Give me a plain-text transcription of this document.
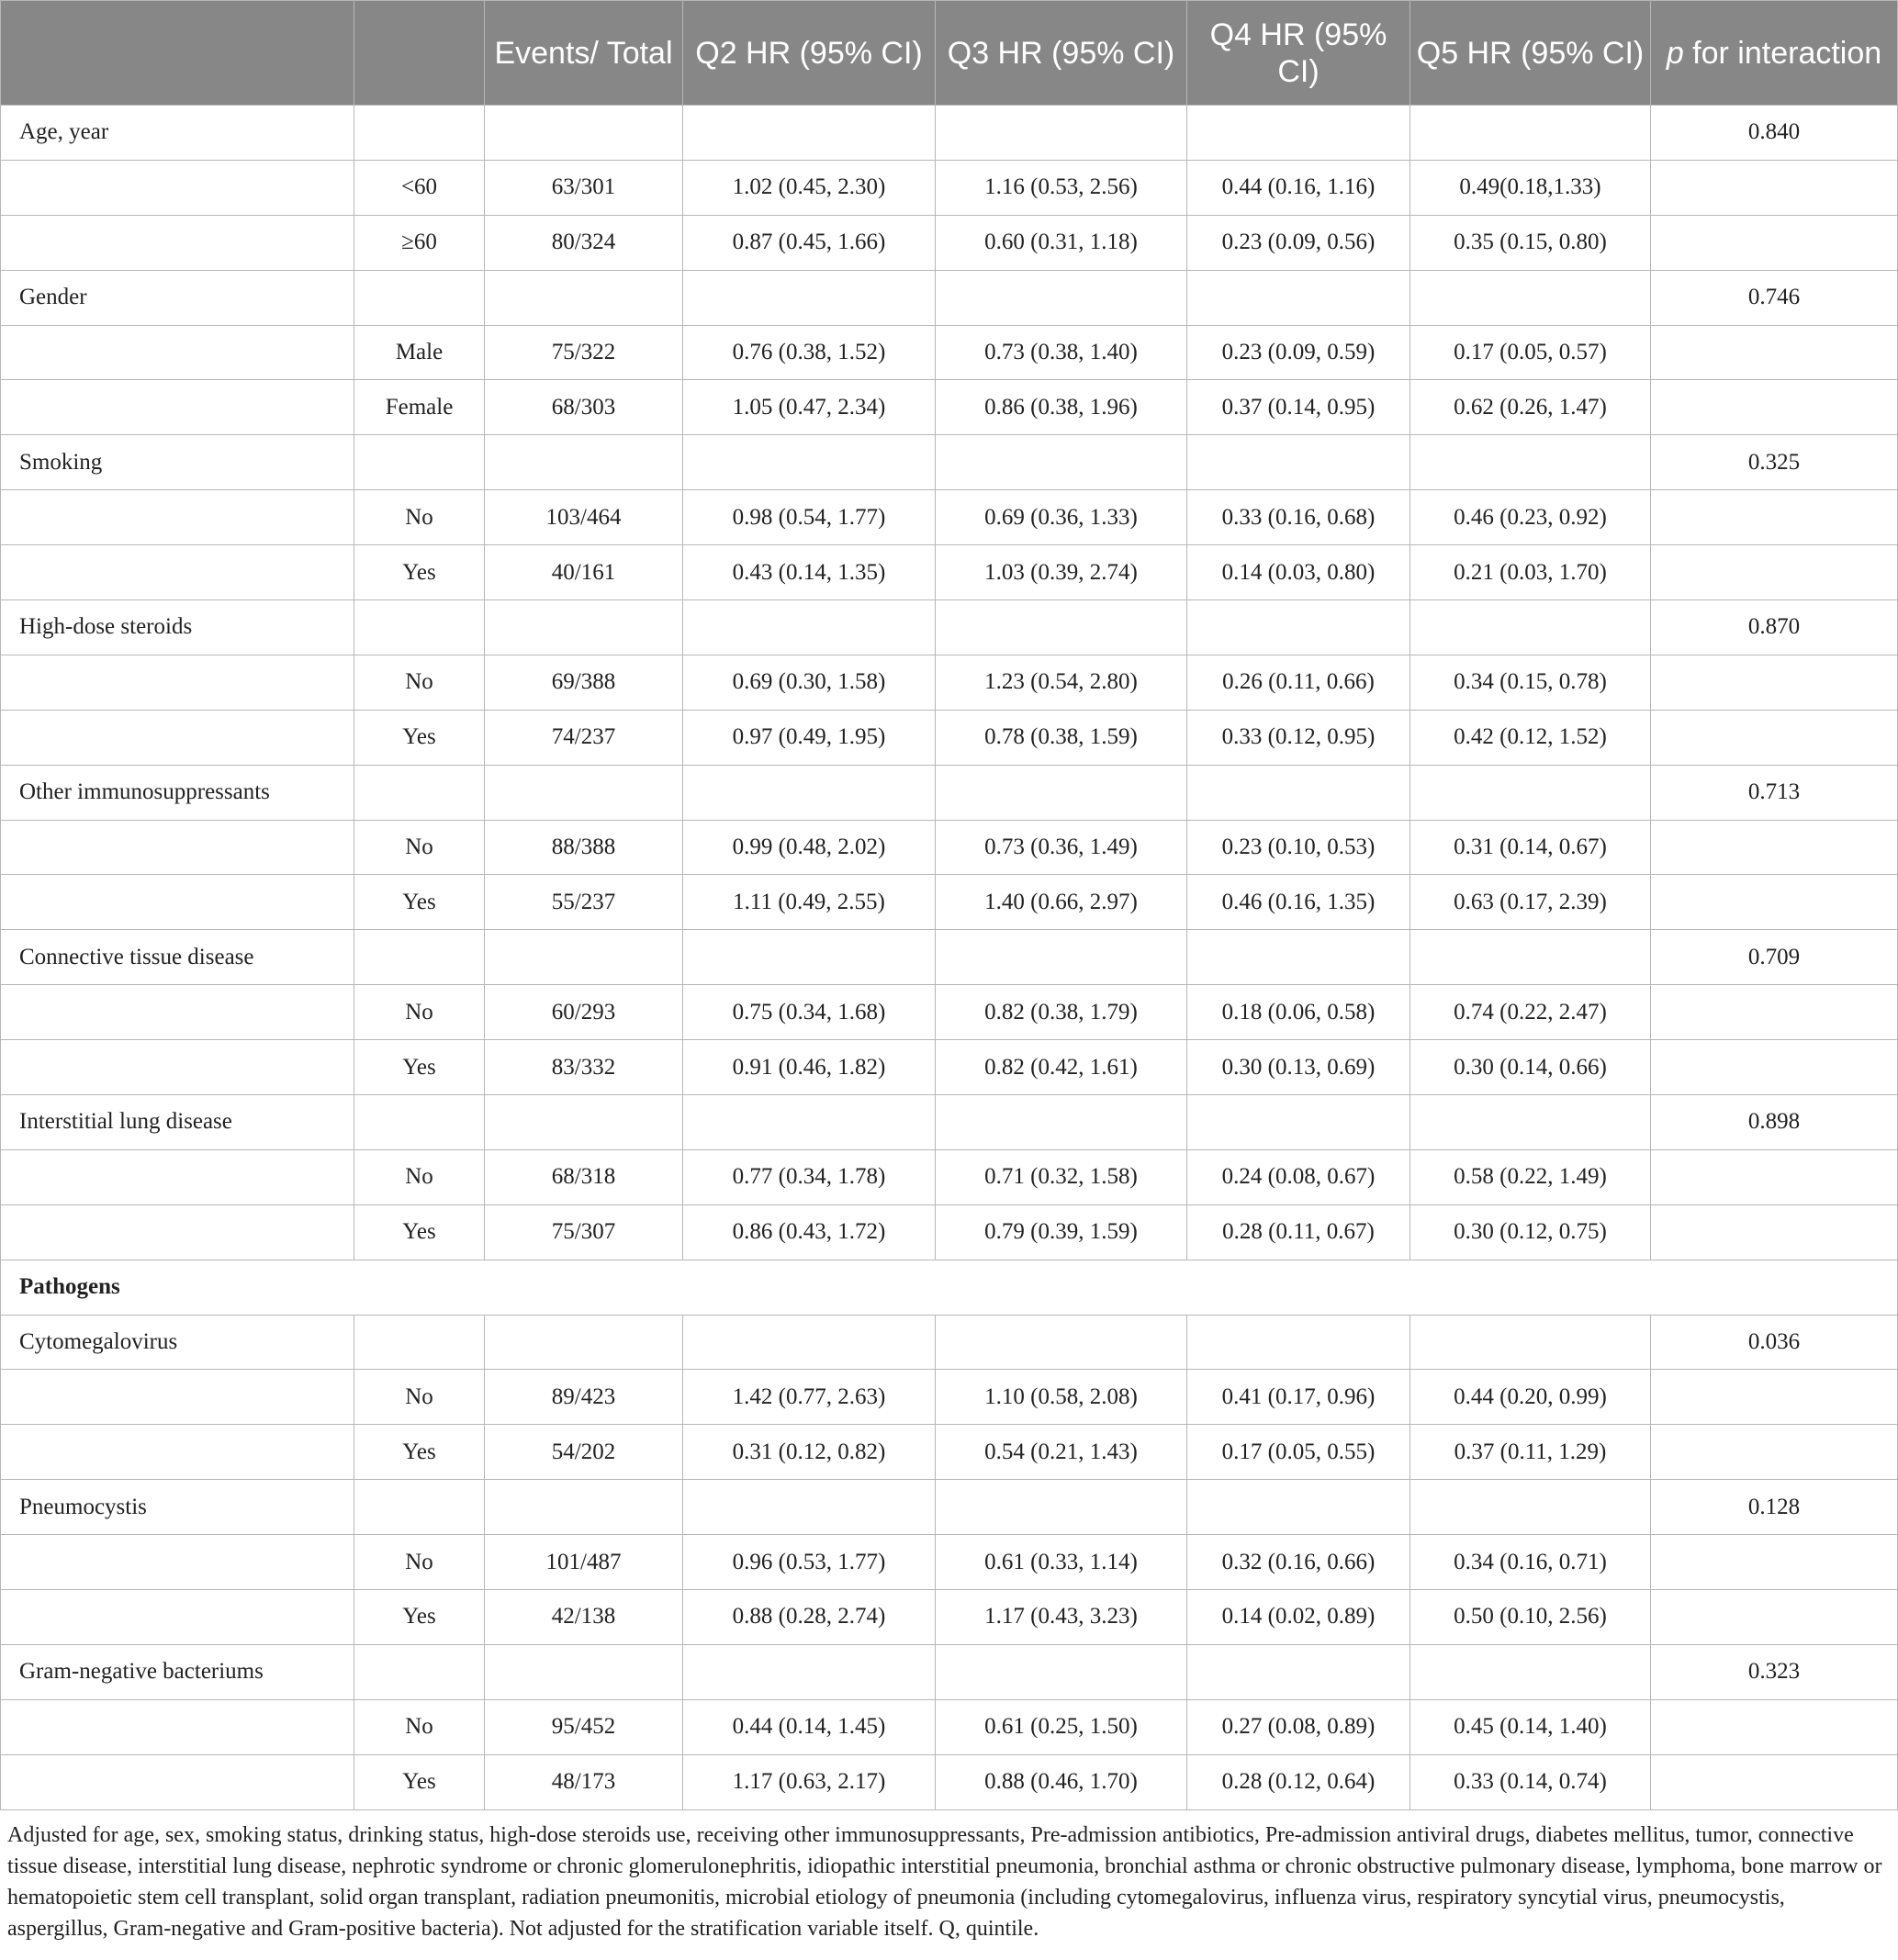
		Events/ Total	Q2 HR (95% CI)	Q3 HR (95% CI)	Q4 HR (95% CI)	Q5 HR (95% CI)	p for interaction
Age, year							0.840
	<60	63/301	1.02 (0.45, 2.30)	1.16 (0.53, 2.56)	0.44 (0.16, 1.16)	0.49(0.18,1.33)	
	≥60	80/324	0.87 (0.45, 1.66)	0.60 (0.31, 1.18)	0.23 (0.09, 0.56)	0.35 (0.15, 0.80)	
Gender							0.746
	Male	75/322	0.76 (0.38, 1.52)	0.73 (0.38, 1.40)	0.23 (0.09, 0.59)	0.17 (0.05, 0.57)	
	Female	68/303	1.05 (0.47, 2.34)	0.86 (0.38, 1.96)	0.37 (0.14, 0.95)	0.62 (0.26, 1.47)	
Smoking							0.325
	No	103/464	0.98 (0.54, 1.77)	0.69 (0.36, 1.33)	0.33 (0.16, 0.68)	0.46 (0.23, 0.92)	
	Yes	40/161	0.43 (0.14, 1.35)	1.03 (0.39, 2.74)	0.14 (0.03, 0.80)	0.21 (0.03, 1.70)	
High-dose steroids							0.870
	No	69/388	0.69 (0.30, 1.58)	1.23 (0.54, 2.80)	0.26 (0.11, 0.66)	0.34 (0.15, 0.78)	
	Yes	74/237	0.97 (0.49, 1.95)	0.78 (0.38, 1.59)	0.33 (0.12, 0.95)	0.42 (0.12, 1.52)	
Other immunosuppressants							0.713
	No	88/388	0.99 (0.48, 2.02)	0.73 (0.36, 1.49)	0.23 (0.10, 0.53)	0.31 (0.14, 0.67)	
	Yes	55/237	1.11 (0.49, 2.55)	1.40 (0.66, 2.97)	0.46 (0.16, 1.35)	0.63 (0.17, 2.39)	
Connective tissue disease							0.709
	No	60/293	0.75 (0.34, 1.68)	0.82 (0.38, 1.79)	0.18 (0.06, 0.58)	0.74 (0.22, 2.47)	
	Yes	83/332	0.91 (0.46, 1.82)	0.82 (0.42, 1.61)	0.30 (0.13, 0.69)	0.30 (0.14, 0.66)	
Interstitial lung disease							0.898
	No	68/318	0.77 (0.34, 1.78)	0.71 (0.32, 1.58)	0.24 (0.08, 0.67)	0.58 (0.22, 1.49)	
	Yes	75/307	0.86 (0.43, 1.72)	0.79 (0.39, 1.59)	0.28 (0.11, 0.67)	0.30 (0.12, 0.75)	
Pathogens							
Cytomegalovirus							0.036
	No	89/423	1.42 (0.77, 2.63)	1.10 (0.58, 2.08)	0.41 (0.17, 0.96)	0.44 (0.20, 0.99)	
	Yes	54/202	0.31 (0.12, 0.82)	0.54 (0.21, 1.43)	0.17 (0.05, 0.55)	0.37 (0.11, 1.29)	
Pneumocystis							0.128
	No	101/487	0.96 (0.53, 1.77)	0.61 (0.33, 1.14)	0.32 (0.16, 0.66)	0.34 (0.16, 0.71)	
	Yes	42/138	0.88 (0.28, 2.74)	1.17 (0.43, 3.23)	0.14 (0.02, 0.89)	0.50 (0.10, 2.56)	
Gram-negative bacteriums							0.323
	No	95/452	0.44 (0.14, 1.45)	0.61 (0.25, 1.50)	0.27 (0.08, 0.89)	0.45 (0.14, 1.40)	
	Yes	48/173	1.17 (0.63, 2.17)	0.88 (0.46, 1.70)	0.28 (0.12, 0.64)	0.33 (0.14, 0.74)	

Adjusted for age, sex, smoking status, drinking status, high-dose steroids use, receiving other immunosuppressants, Pre-admission antibiotics, Pre-admission antiviral drugs, diabetes mellitus, tumor, connective tissue disease, interstitial lung disease, nephrotic syndrome or chronic glomerulonephritis, idiopathic interstitial pneumonia, bronchial asthma or chronic obstructive pulmonary disease, lymphoma, bone marrow or hematopoietic stem cell transplant, solid organ transplant, radiation pneumonitis, microbial etiology of pneumonia (including cytomegalovirus, influenza virus, respiratory syncytial virus, pneumocystis, aspergillus, Gram-negative and Gram-positive bacteria). Not adjusted for the stratification variable itself. Q, quintile.
